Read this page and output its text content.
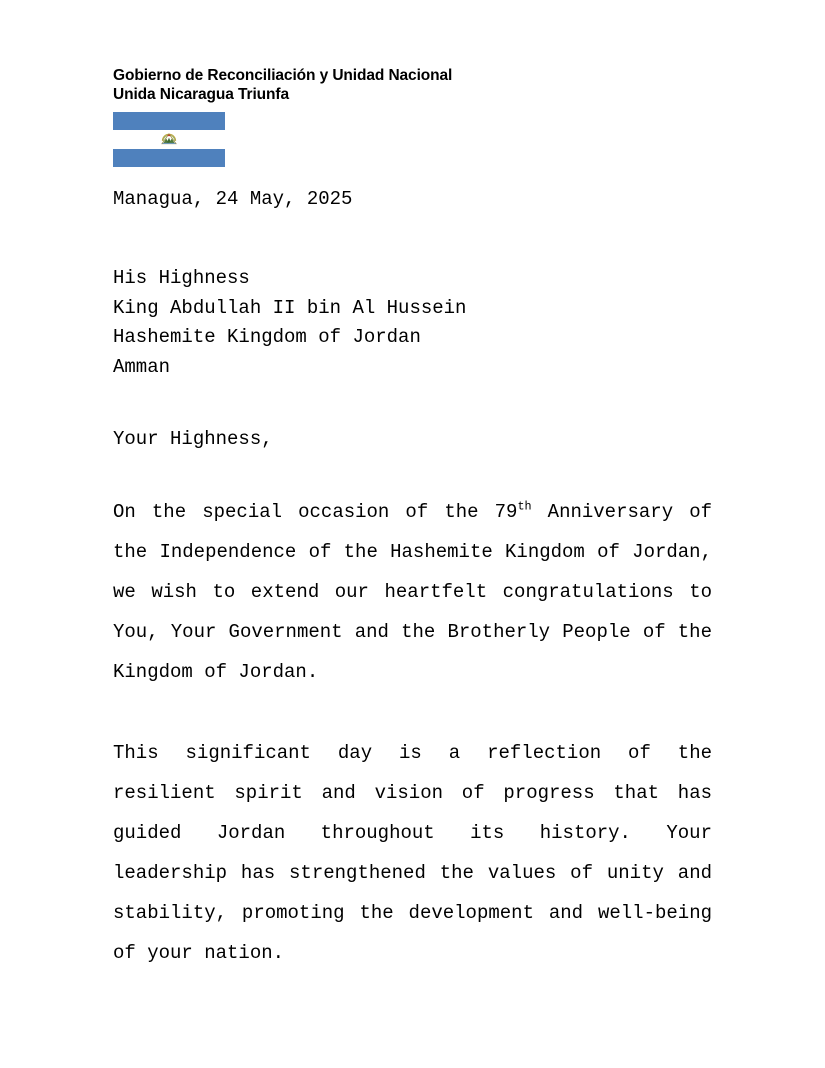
Gobierno de Reconciliación y Unidad Nacional
Unida Nicaragua Triunfa
Managua, 24 May, 2025
His Highness
King Abdullah II bin Al Hussein
Hashemite Kingdom of Jordan
Amman
Your Highness,
On the special occasion of the 79th Anniversary of the Independence of the Hashemite Kingdom of Jordan, we wish to extend our heartfelt congratulations to You, Your Government and the Brotherly People of the Kingdom of Jordan.
This significant day is a reflection of the resilient spirit and vision of progress that has guided Jordan throughout its history. Your leadership has strengthened the values of unity and stability, promoting the development and well-being of your nation.
